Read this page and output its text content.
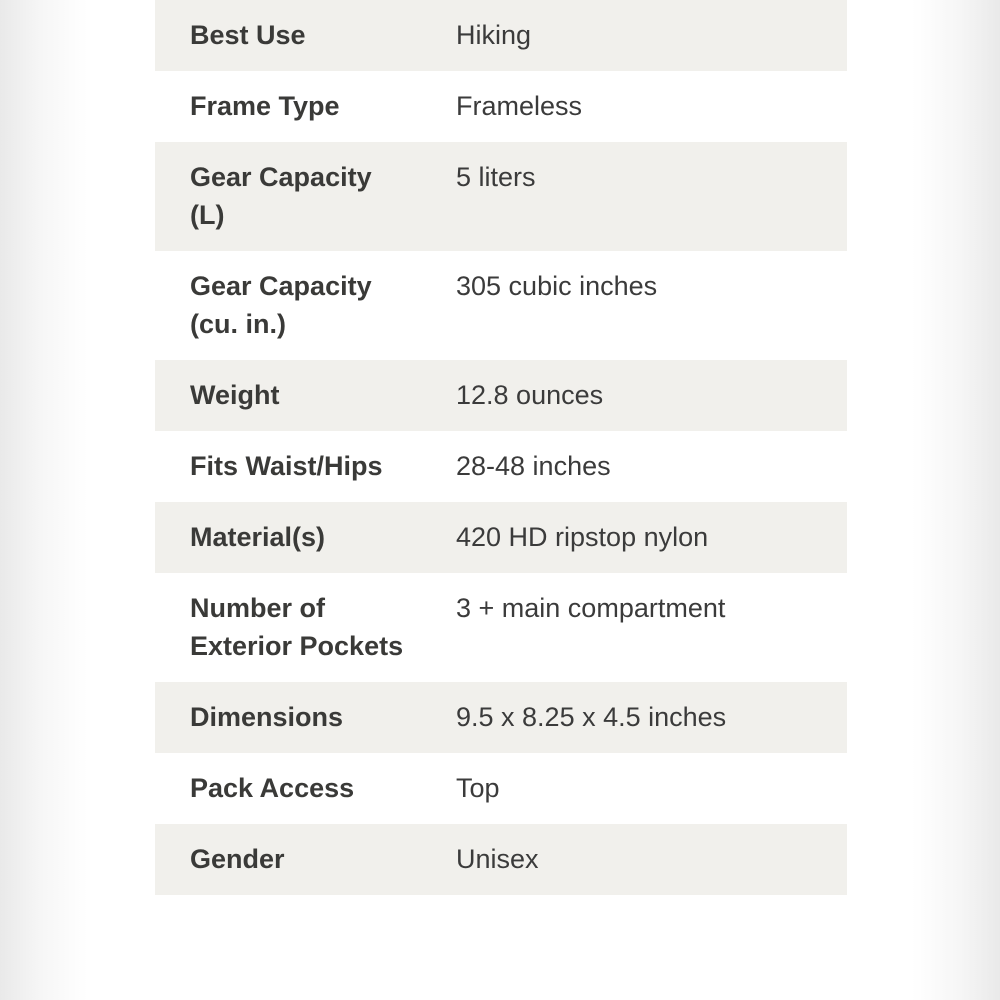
Best Use	Hiking
Frame Type	Frameless
Gear Capacity (L)	5 liters
Gear Capacity (cu. in.)	305 cubic inches
Weight	12.8 ounces
Fits Waist/Hips	28-48 inches
Material(s)	420 HD ripstop nylon
Number of Exterior Pockets	3 + main compartment
Dimensions	9.5 x 8.25 x 4.5 inches
Pack Access	Top
Gender	Unisex
